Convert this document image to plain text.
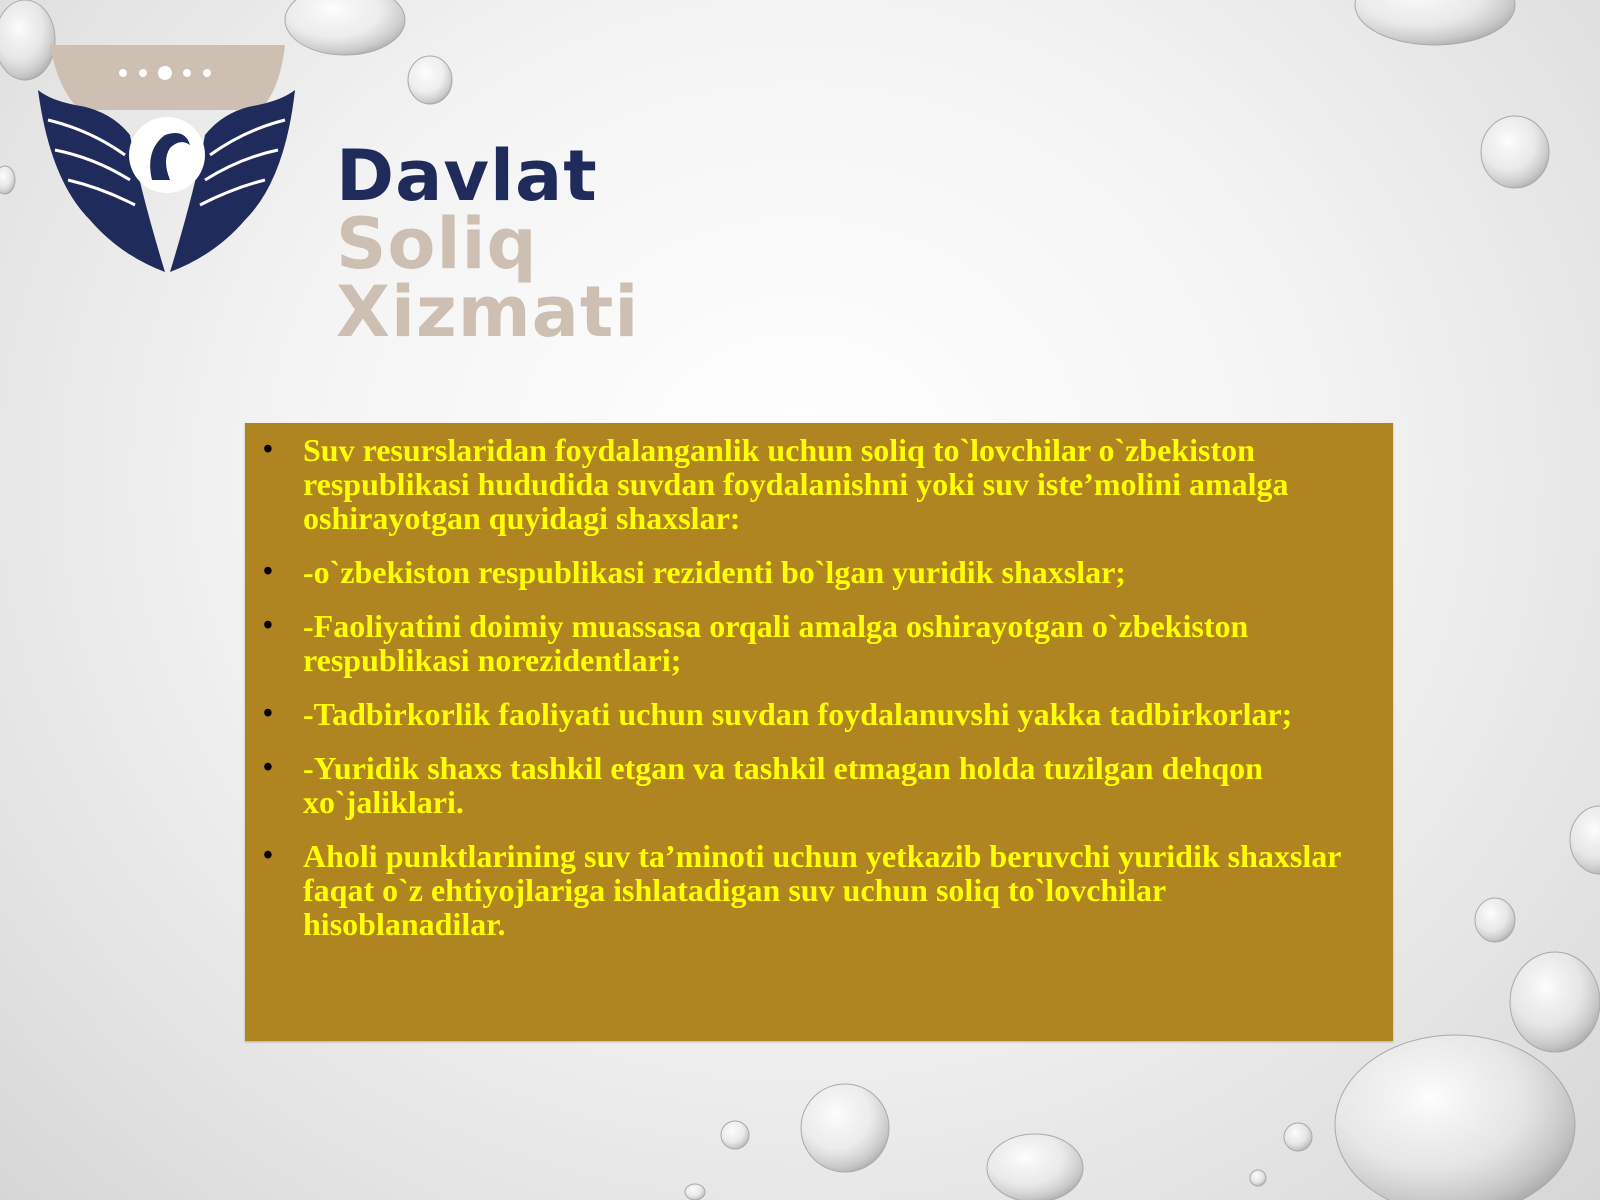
Davlat
Soliq
Xizmati
• Suv resurslaridan foydalanganlik uchun soliq to`lovchilar o`zbekiston respublikasi hududida suvdan foydalanishni yoki suv iste’molini amalga oshirayotgan quyidagi shaxslar:
• -o`zbekiston respublikasi rezidenti bo`lgan yuridik shaxslar;
• -Faoliyatini doimiy muassasa orqali amalga oshirayotgan o`zbekiston respublikasi norezidentlari;
• -Tadbirkorlik faoliyati uchun suvdan foydalanuvshi yakka tadbirkorlar;
• -Yuridik shaxs tashkil etgan va tashkil etmagan holda tuzilgan dehqon xo`jaliklari.
• Aholi punktlarining suv ta’minoti uchun yetkazib beruvchi yuridik shaxslar faqat o`z ehtiyojlariga ishlatadigan suv uchun soliq to`lovchilar hisoblanadilar.
